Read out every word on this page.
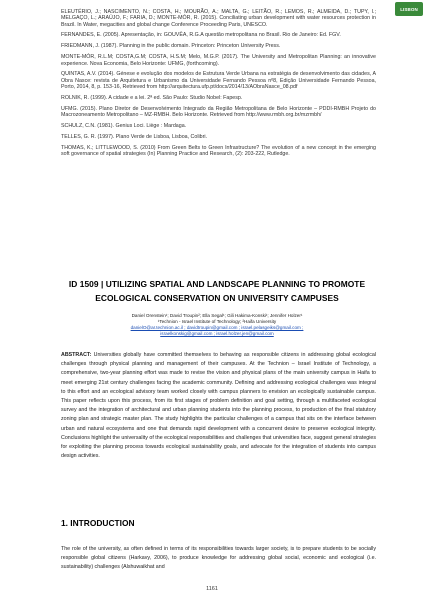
LISBON

ELEUTÉRIO, J.; NASCIMENTO, N.; COSTA, H.; MOURÃO, A.; MALTA, G.; LEITÃO, R.; LEMOS, R.; ALMEIDA, D.; TUPY, I.; MELGAÇO, L.; ARAÚJO, F.; FARIA, D.; MONTE-MÓR, R. (2015). Conciliating urban development with water resources protection in Brazil. In Water, megacities and global change Conference Proceeding Paris, UNESCO.

FERNANDES, E. (2005). Apresentação, in: GOUVÊA, R.G.A questão metropolitana no Brasil. Rio de Janeiro: Ed. FGV.

FRIEDMANN, J. (1987). Planning in the public domain. Princeton: Princeton University Press.

MONTE-MÓR, R.L.M; COSTA,G.M; COSTA, H.S.M; Melo, M.G.P. (2017). The University and Metropolitan Planning: an innovative experience. Nova Economia, Belo Horizonte: UFMG, (forthcoming).

QUINTAS, A.V. (2014). Génese e evolução dos modelos de Estrutura Verde Urbana na estratégia de desenvolvimento das cidades, A Obra Nasce: revista de Arquitetura e Urbanismo da Universidade Fernando Pessoa nº8, Edição Universidade Fernando Pessoa, Porto, 2014, 8, p. 153-16, Retrieved from http://arquitectura.ufp.pt/docs/2014/13/AObraNasce_08.pdf

ROLNIK, R. (1999). A cidade e a lei. 2ª ed. São Paulo: Studio Nobel: Fapesp.

UFMG. (2015). Plano Diretor de Desenvolvimento Integrado da Região Metropolitana de Belo Horizonte – PDDI-RMBH Projeto do Macrozoneamento Metropolitano – MZ-RMBH. Belo Horizonte. Retrieved from http://www.rmbh.org.br/mzrmbh/

SCHULZ, C.N. (1981). Genius Loci. Liège : Mardaga.

TELLES, G. R. (1997). Plano Verde de Lisboa, Lisboa, Colibri.

THOMAS, K.; LITTLEWOOD, S. (2010) From Green Belts to Green Infrastructure? The evolution of a new concept in the emerging soft governance of spatial strategies (In) Planning Practice and Research, (2): 203-222, Rutledge.

ID 1509 | UTILIZING SPATIAL AND LANDSCAPE PLANNING TO PROMOTE ECOLOGICAL CONSERVATION ON UNIVERSITY CAMPUSES
Daniel Orenstein¹; David Troupin²; Ella Segal¹; Gili Hakima-Konski¹; Jennifer Holzer¹
¹Technion - Israel Institute of Technology; ²Haifa University
danielO@ar.technion.ac.il ; davidtroupin@gmail.com ; israel.pelasgeiks@gmail.com ;
israelkonskig@gmail.com ; israel.holzer.jen@gmail.com
ABSTRACT: Universities globally have committed themselves to behaving as responsible citizens in addressing global ecological challenges through physical planning and management of their campuses. At the Technion – Israel Institute of Technology, a comprehensive, two-year planning effort was made to revise the vision and physical plans of the main university campus in Haifa to meet emerging 21st century challenges facing the academic community. Defining and addressing ecological challenges was integral to this effort and an ecological advisory team worked closely with campus planners to envision an ecologically sustainable campus. This paper reflects upon this process, from its first stages of problem definition and goal setting, through a multifaceted ecological survey and the integration of architectural and urban planning students into the planning process, to production of the final statutory zoning plan and strategic master plan. The study highlights the particular challenges of a campus that sits on the interface between urban and natural ecosystems and one that demands rapid development with a concurrent desire to preserve ecological integrity. Conclusions highlight the universality of the ecological responsibilities and challenges that universities face, suggest general strategies for exploiting the planning process towards ecological sustainability goals, and advocate for the integration of students into campus design activities.
1. INTRODUCTION
The role of the university, as often defined in terms of its responsibilities towards larger society, is to prepare students to be socially responsible global citizens (Harkavy, 2006), to produce knowledge for addressing global social, economic and ecological (i.e. sustainability) challenges (Alshuwaikhat and
1161
